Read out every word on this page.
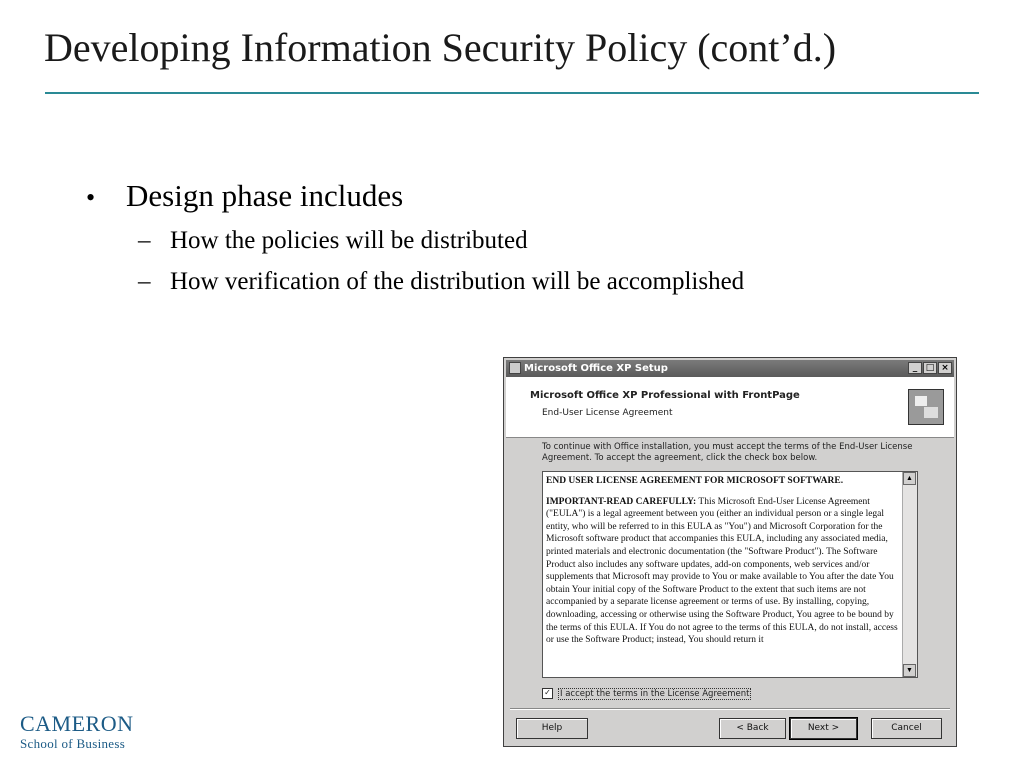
Developing Information Security Policy (cont’d.)
• Design phase includes
– How the policies will be distributed
– How verification of the distribution will be accomplished
CAMERON
School of Business
Microsoft Office XP Setup	_ □ ×
Microsoft Office XP Professional with FrontPage
End-User License Agreement
To continue with Office installation, you must accept the terms of the End-User License Agreement. To accept the agreement, click the check box below.

END USER LICENSE AGREEMENT FOR MICROSOFT SOFTWARE.

IMPORTANT-READ CAREFULLY: This Microsoft End-User License Agreement ("EULA") is a legal agreement between you (either an individual person or a single legal entity, who will be referred to in this EULA as "You") and Microsoft Corporation for the Microsoft software product that accompanies this EULA, including any associated media, printed materials and electronic documentation (the "Software Product"). The Software Product also includes any software updates, add-on components, web services and/or supplements that Microsoft may provide to You or make available to You after the date You obtain Your initial copy of the Software Product to the extent that such items are not accompanied by a separate license agreement or terms of use. By installing, copying, downloading, accessing or otherwise using the Software Product, You agree to be bound by the terms of this EULA. If You do not agree to the terms of this EULA, do not install, access or use the Software Product; instead, You should return it

▲
▼
✓ I accept the terms in the License Agreement
Help	< Back	Next >	Cancel
